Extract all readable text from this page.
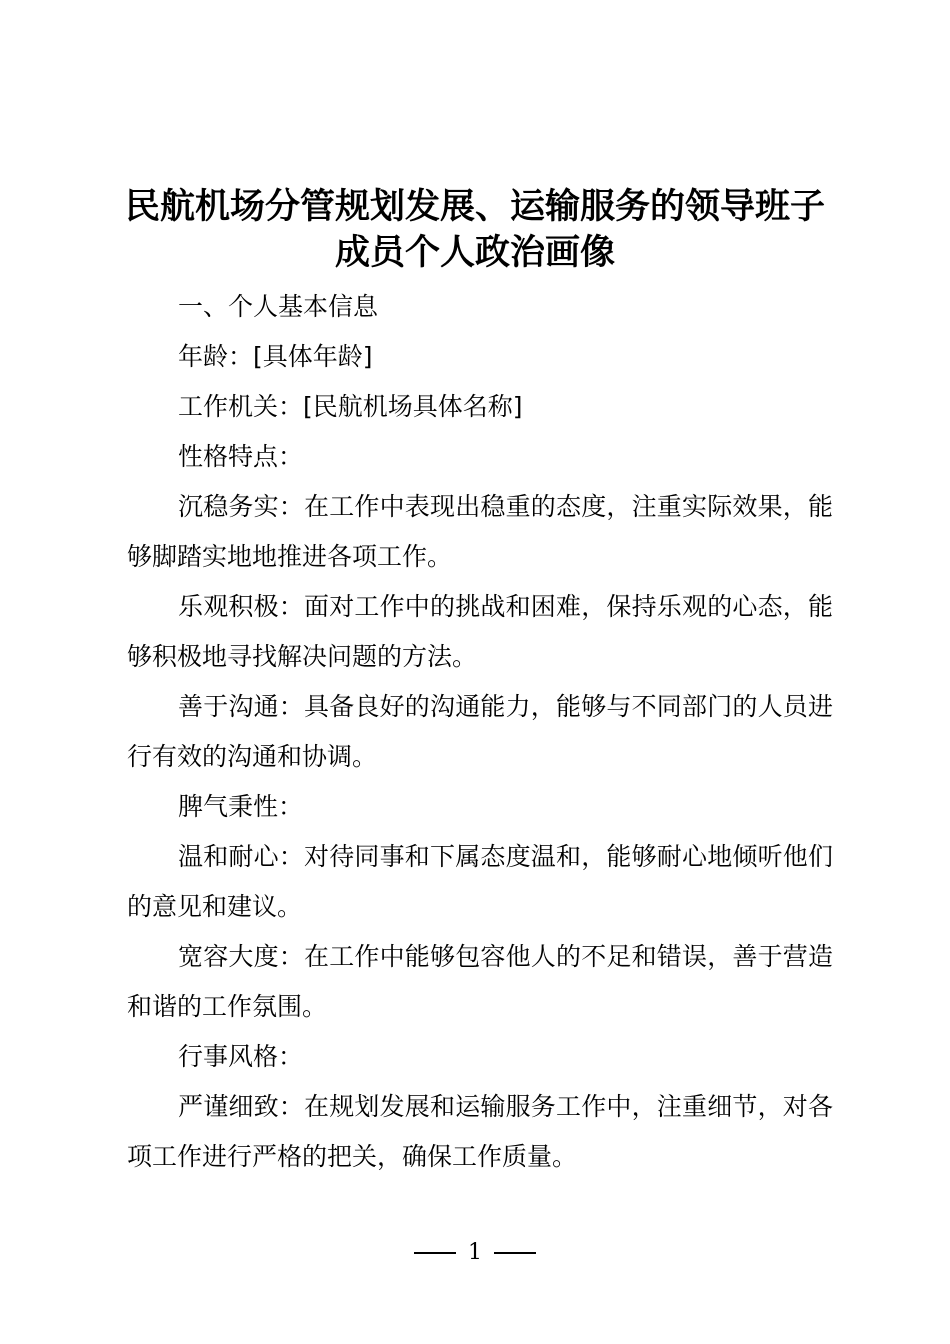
民航机场分管规划发展、运输服务的领导班子
成员个人政治画像

一、个人基本信息

年龄：[具体年龄]

工作机关：[民航机场具体名称]

性格特点：

沉稳务实：在工作中表现出稳重的态度，注重实际效果，能够脚踏实地地推进各项工作。

乐观积极：面对工作中的挑战和困难，保持乐观的心态，能够积极地寻找解决问题的方法。

善于沟通：具备良好的沟通能力，能够与不同部门的人员进行有效的沟通和协调。

脾气秉性：

温和耐心：对待同事和下属态度温和，能够耐心地倾听他们的意见和建议。

宽容大度：在工作中能够包容他人的不足和错误，善于营造和谐的工作氛围。

行事风格：

严谨细致：在规划发展和运输服务工作中，注重细节，对各项工作进行严格的把关，确保工作质量。

1
